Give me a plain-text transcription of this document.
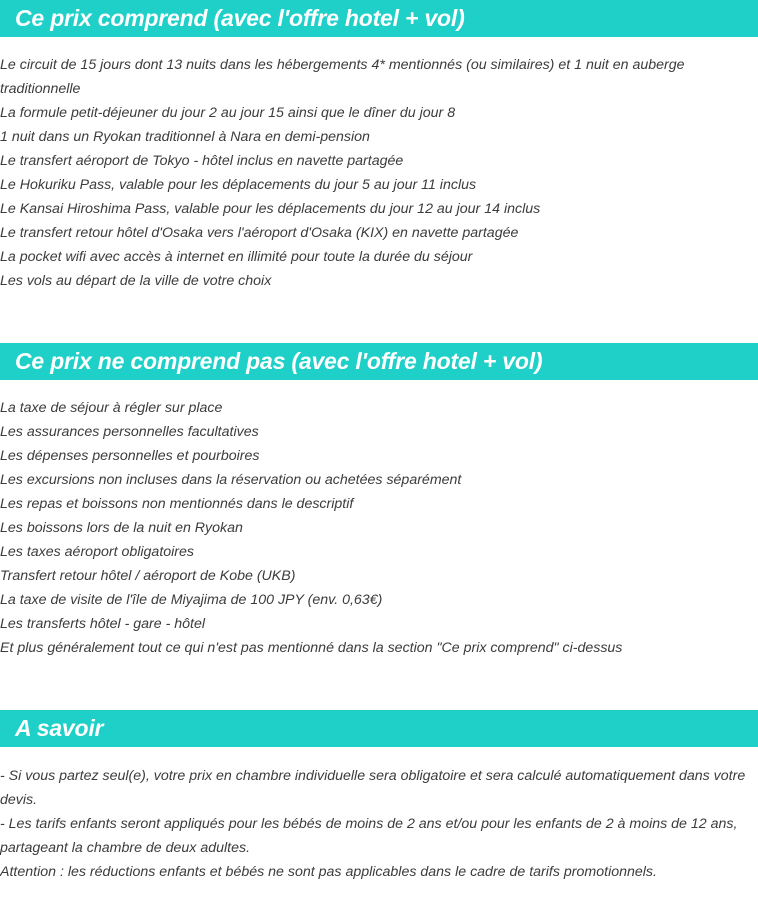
Ce prix comprend (avec l'offre hotel + vol)
Le circuit de 15 jours dont 13 nuits dans les hébergements 4* mentionnés (ou similaires) et 1 nuit en auberge traditionnelle
La formule petit-déjeuner du jour 2 au jour 15 ainsi que le dîner du jour 8
1 nuit dans un Ryokan traditionnel à Nara en demi-pension
Le transfert aéroport de Tokyo - hôtel inclus en navette partagée
Le Hokuriku Pass, valable pour les déplacements du jour 5 au jour 11 inclus
Le Kansai Hiroshima Pass, valable pour les déplacements du jour 12 au jour 14 inclus
Le transfert retour hôtel d'Osaka vers l'aéroport d'Osaka (KIX) en navette partagée
La pocket wifi avec accès à internet en illimité pour toute la durée du séjour
Les vols au départ de la ville de votre choix
Ce prix ne comprend pas (avec l'offre hotel + vol)
La taxe de séjour à régler sur place
Les assurances personnelles facultatives
Les dépenses personnelles et pourboires
Les excursions non incluses dans la réservation ou achetées séparément
Les repas et boissons non mentionnés dans le descriptif
Les boissons lors de la nuit en Ryokan
Les taxes aéroport obligatoires
Transfert retour hôtel / aéroport de Kobe (UKB)
La taxe de visite de l'île de Miyajima de 100 JPY (env. 0,63€)
Les transferts hôtel - gare - hôtel
Et plus généralement tout ce qui n'est pas mentionné dans la section "Ce prix comprend" ci-dessus
A savoir
- Si vous partez seul(e), votre prix en chambre individuelle sera obligatoire et sera calculé automatiquement dans votre devis.
- Les tarifs enfants seront appliqués pour les bébés de moins de 2 ans et/ou pour les enfants de 2 à moins de 12 ans, partageant la chambre de deux adultes.
Attention : les réductions enfants et bébés ne sont pas applicables dans le cadre de tarifs promotionnels.
